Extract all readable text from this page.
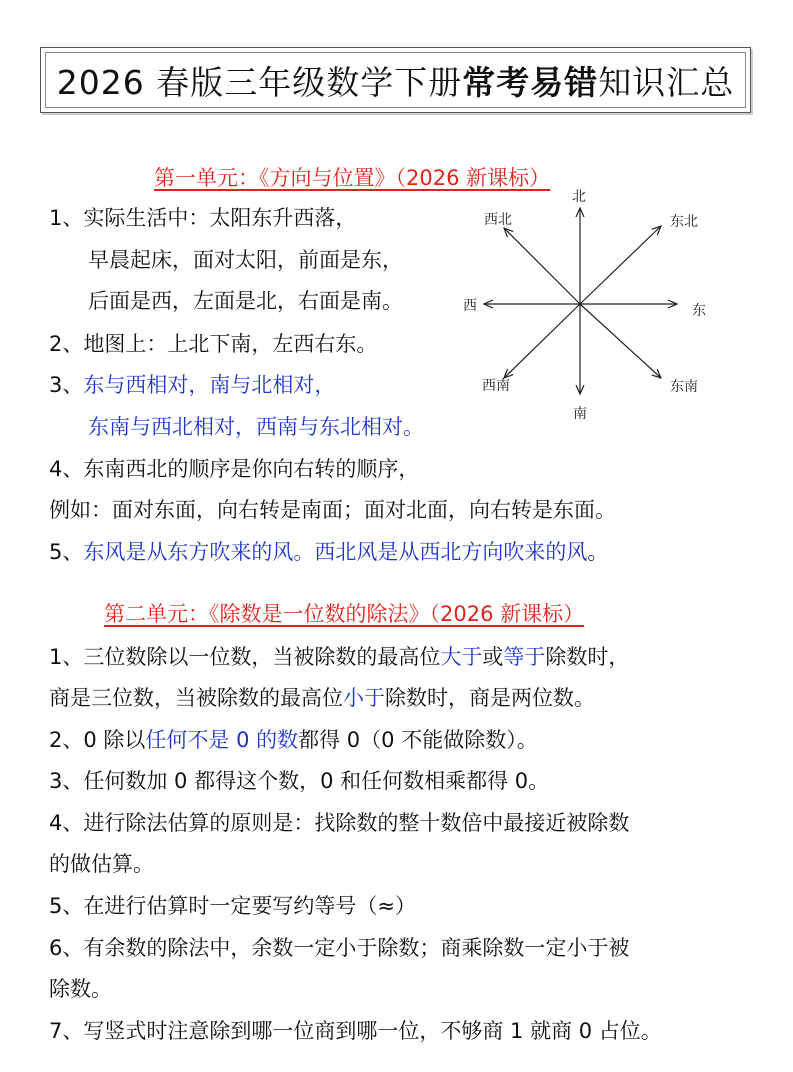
2026 春版三年级数学下册 常考易错 知识汇总
第一单元：《方向与位置》（2026 新课标）
1、实际生活中：太阳东升西落，
早晨起床，面对太阳，前面是东，
后面是西，左面是北，右面是南。
2、地图上：上北下南，左西右东。
3、东与西相对，南与北相对，
东南与西北相对，西南与东北相对。
4、东南西北的顺序是你向右转的顺序，
例如：面对东面，向右转是南面；面对北面，向右转是东面。
5、东风是从东方吹来的风。西北风是从西北方向吹来的风。
北
南
东
西
东北
西北
东南
西南
第二单元：《除数是一位数的除法》（2026 新课标）
1、三位数除以一位数，当被除数的最高位大于或等于除数时，
商是三位数，当被除数的最高位小于除数时，商是两位数。
2、0 除以任何不是 0 的数都得 0（0 不能做除数）。
3、任何数加 0 都得这个数，0 和任何数相乘都得 0。
4、进行除法估算的原则是：找除数的整十数倍中最接近被除数
的做估算。
5、在进行估算时一定要写约等号（≈）
6、有余数的除法中，余数一定小于除数；商乘除数一定小于被
除数。
7、写竖式时注意除到哪一位商到哪一位，不够商 1 就商 0 占位。
